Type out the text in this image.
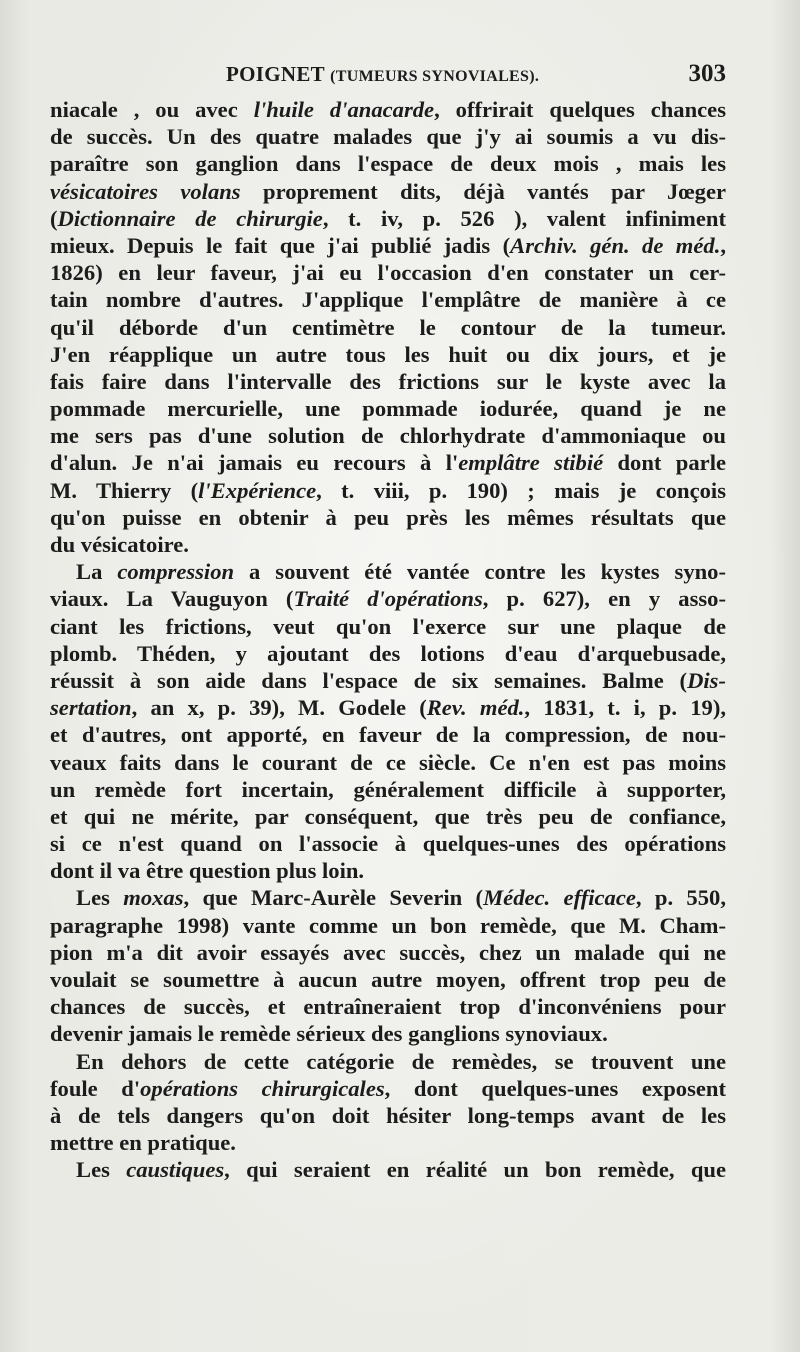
POIGNET (TUMEURS SYNOVIALES).	303
niacale , ou avec l'huile d'anacarde, offrirait quelques chances
de succès. Un des quatre malades que j'y ai soumis a vu dis-
paraître son ganglion dans l'espace de deux mois , mais les
vésicatoires volans proprement dits, déjà vantés par Jœger
(Dictionnaire de chirurgie, t. iv, p. 526 ), valent infiniment
mieux. Depuis le fait que j'ai publié jadis (Archiv. gén. de méd.,
1826) en leur faveur, j'ai eu l'occasion d'en constater un cer-
tain nombre d'autres. J'applique l'emplâtre de manière à ce
qu'il déborde d'un centimètre le contour de la tumeur.
J'en réapplique un autre tous les huit ou dix jours, et je
fais faire dans l'intervalle des frictions sur le kyste avec la
pommade mercurielle, une pommade iodurée, quand je ne
me sers pas d'une solution de chlorhydrate d'ammoniaque ou
d'alun. Je n'ai jamais eu recours à l'emplâtre stibié dont parle
M. Thierry (l'Expérience, t. viii, p. 190) ; mais je conçois
qu'on puisse en obtenir à peu près les mêmes résultats que
du vésicatoire.
La compression a souvent été vantée contre les kystes syno-
viaux. La Vauguyon (Traité d'opérations, p. 627), en y asso-
ciant les frictions, veut qu'on l'exerce sur une plaque de
plomb. Théden, y ajoutant des lotions d'eau d'arquebusade,
réussit à son aide dans l'espace de six semaines. Balme (Dis-
sertation, an x, p. 39), M. Godele (Rev. méd., 1831, t. i, p. 19),
et d'autres, ont apporté, en faveur de la compression, de nou-
veaux faits dans le courant de ce siècle. Ce n'en est pas moins
un remède fort incertain, généralement difficile à supporter,
et qui ne mérite, par conséquent, que très peu de confiance,
si ce n'est quand on l'associe à quelques-unes des opérations
dont il va être question plus loin.
Les moxas, que Marc-Aurèle Severin (Médec. efficace, p. 550,
paragraphe 1998) vante comme un bon remède, que M. Cham-
pion m'a dit avoir essayés avec succès, chez un malade qui ne
voulait se soumettre à aucun autre moyen, offrent trop peu de
chances de succès, et entraîneraient trop d'inconvéniens pour
devenir jamais le remède sérieux des ganglions synoviaux.
En dehors de cette catégorie de remèdes, se trouvent une
foule d'opérations chirurgicales, dont quelques-unes exposent
à de tels dangers qu'on doit hésiter long-temps avant de les
mettre en pratique.
Les caustiques, qui seraient en réalité un bon remède, que
